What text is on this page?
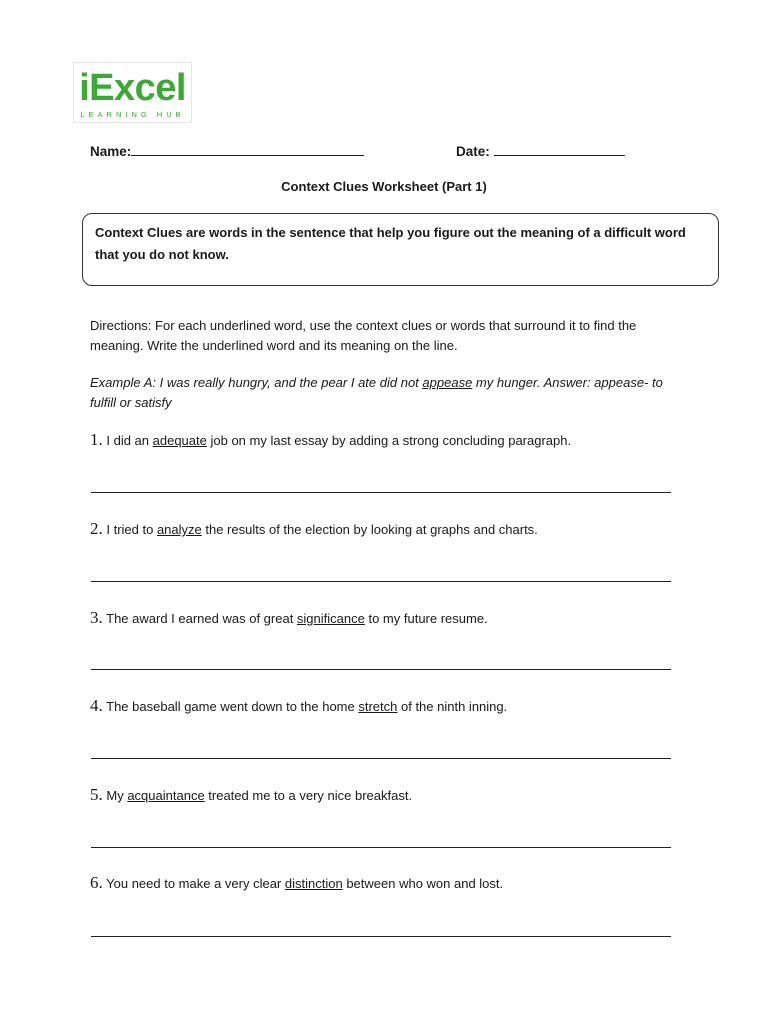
iExcel
LEARNING HUB
Name:	Date:
Context Clues Worksheet (Part 1)
Context Clues are words in the sentence that help you figure out the meaning of a difficult word that you do not know.
Directions: For each underlined word, use the context clues or words that surround it to find the meaning. Write the underlined word and its meaning on the line.
Example A: I was really hungry, and the pear I ate did not appease my hunger. Answer: appease- to fulfill or satisfy
1. I did an adequate job on my last essay by adding a strong concluding paragraph.
2. I tried to analyze the results of the election by looking at graphs and charts.
3. The award I earned was of great significance to my future resume.
4. The baseball game went down to the home stretch of the ninth inning.
5. My acquaintance treated me to a very nice breakfast.
6. You need to make a very clear distinction between who won and lost.
